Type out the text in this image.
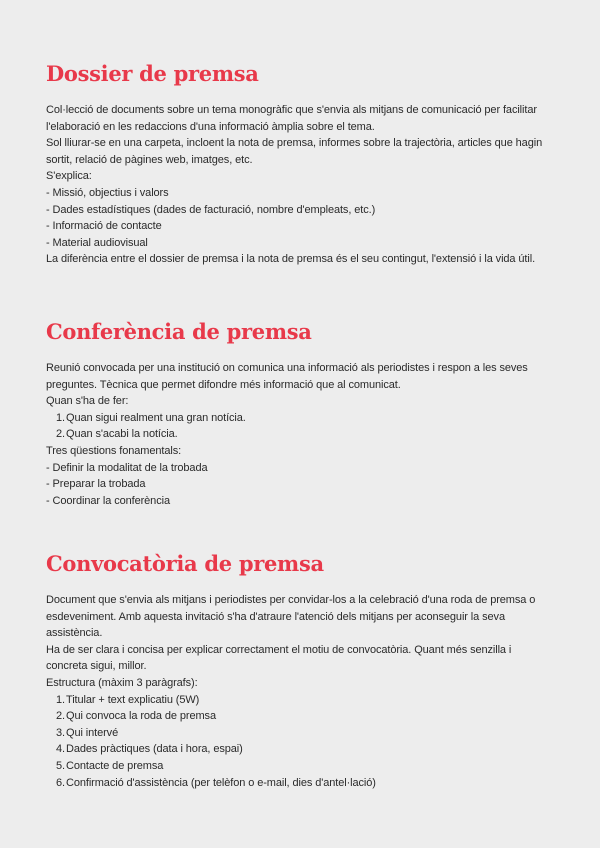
Dossier de premsa
Col·lecció de documents sobre un tema monogràfic que s'envia als mitjans de comunicació per facilitar l'elaboració en les redaccions d'una informació àmplia sobre el tema.
Sol lliurar-se en una carpeta, incloent la nota de premsa, informes sobre la trajectòria, articles que hagin sortit, relació de pàgines web, imatges, etc.
S'explica:
- Missió, objectius i valors
- Dades estadístiques (dades de facturació, nombre d'empleats, etc.)
- Informació de contacte
- Material audiovisual
La diferència entre el dossier de premsa i la nota de premsa és el seu contingut, l'extensió i la vida útil.
Conferència de premsa
Reunió convocada per una institució on comunica una informació als periodistes i respon a les seves preguntes. Tècnica que permet difondre més informació que al comunicat.
Quan s'ha de fer:
1.Quan sigui realment una gran notícia.
2.Quan s'acabi la notícia.
Tres qüestions fonamentals:
- Definir la modalitat de la trobada
- Preparar la trobada
- Coordinar la conferència
Convocatòria de premsa
Document que s'envia als mitjans i periodistes per convidar-los a la celebració d'una roda de premsa o esdeveniment. Amb aquesta invitació s'ha d'atraure l'atenció dels mitjans per aconseguir la seva assistència.
Ha de ser clara i concisa per explicar correctament el motiu de convocatòria. Quant més senzilla i concreta sigui, millor.
Estructura (màxim 3 paràgrafs):
1.Titular + text explicatiu (5W)
2.Qui convoca la roda de premsa
3.Qui intervé
4.Dades pràctiques (data i hora, espai)
5.Contacte de premsa
6.Confirmació d'assistència (per telèfon o e-mail, dies d'antel·lació)
